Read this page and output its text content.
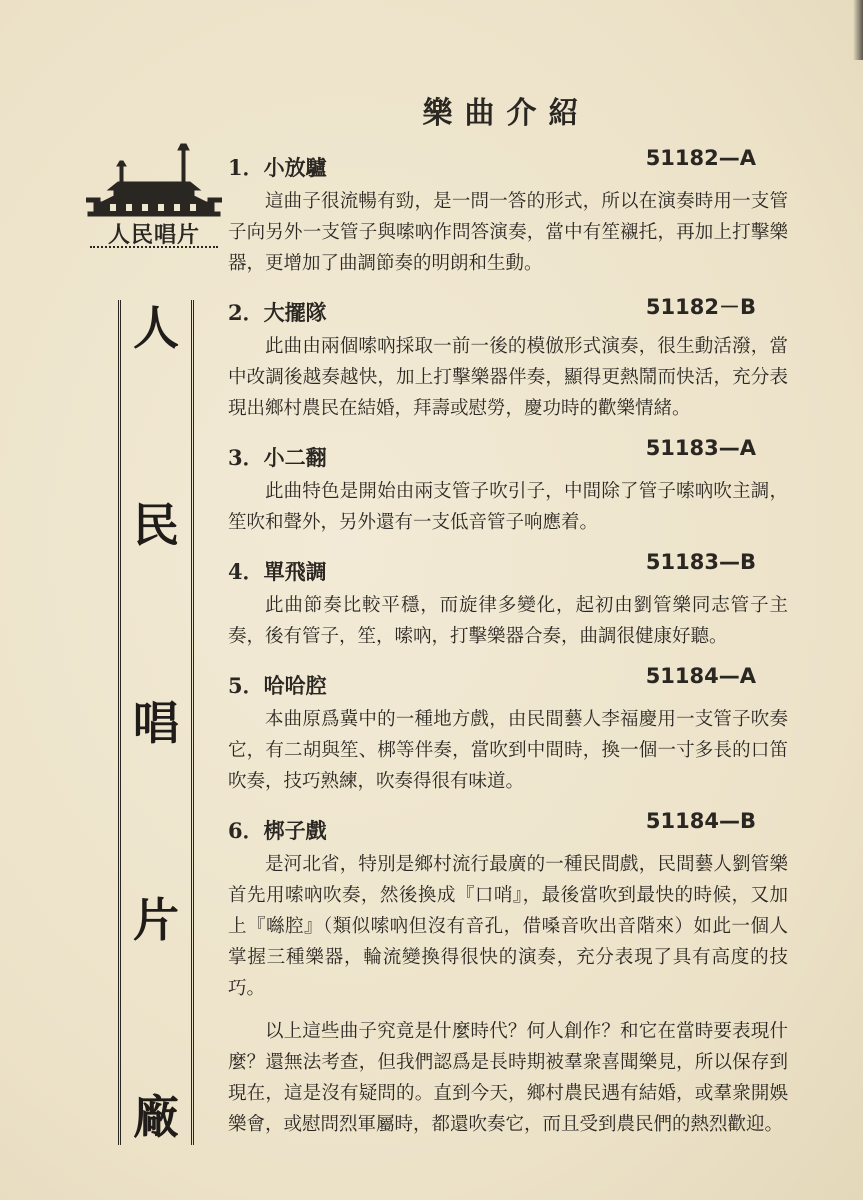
樂曲介紹
人民唱片
人
民
唱
片
廠
1．小放驢	51182—A
這曲子很流暢有勁，是一問一答的形式，所以在演奏時用一支管子向另外一支管子與嗦吶作問答演奏，當中有笙襯托，再加上打擊樂器，更增加了曲調節奏的明朗和生動。
2．大擺隊	51182－B
此曲由兩個嗦吶採取一前一後的模倣形式演奏，很生動活潑，當中改調後越奏越快，加上打擊樂器伴奏，顯得更熱鬧而快活，充分表現出鄉村農民在結婚，拜壽或慰勞，慶功時的歡樂情緒。
3．小二翻	51183—A
此曲特色是開始由兩支管子吹引子，中間除了管子嗦吶吹主調，笙吹和聲外，另外還有一支低音管子响應着。
4．單飛調	51183—B
此曲節奏比較平穩，而旋律多變化，起初由劉管樂同志管子主奏，後有管子，笙，嗦吶，打擊樂器合奏，曲調很健康好聽。
5．哈哈腔	51184—A
本曲原爲冀中的一種地方戲，由民間藝人李福慶用一支管子吹奏它，有二胡與笙、梆等伴奏，當吹到中間時，換一個一寸多長的口笛吹奏，技巧熟練，吹奏得很有味道。
6．梆子戲	51184—B
是河北省，特別是鄉村流行最廣的一種民間戲，民間藝人劉管樂首先用嗦吶吹奏，然後換成『口哨』，最後當吹到最快的時候，又加上『噝腔』（類似嗦吶但沒有音孔，借嗓音吹出音階來）如此一個人掌握三種樂器，輪流變換得很快的演奏，充分表現了具有高度的技巧。
以上這些曲子究竟是什麼時代？何人創作？和它在當時要表現什麼？還無法考查，但我們認爲是長時期被羣衆喜聞樂見，所以保存到現在，這是沒有疑問的。直到今天，鄉村農民遇有結婚，或羣衆開娛樂會，或慰問烈軍屬時，都還吹奏它，而且受到農民們的熱烈歡迎。
